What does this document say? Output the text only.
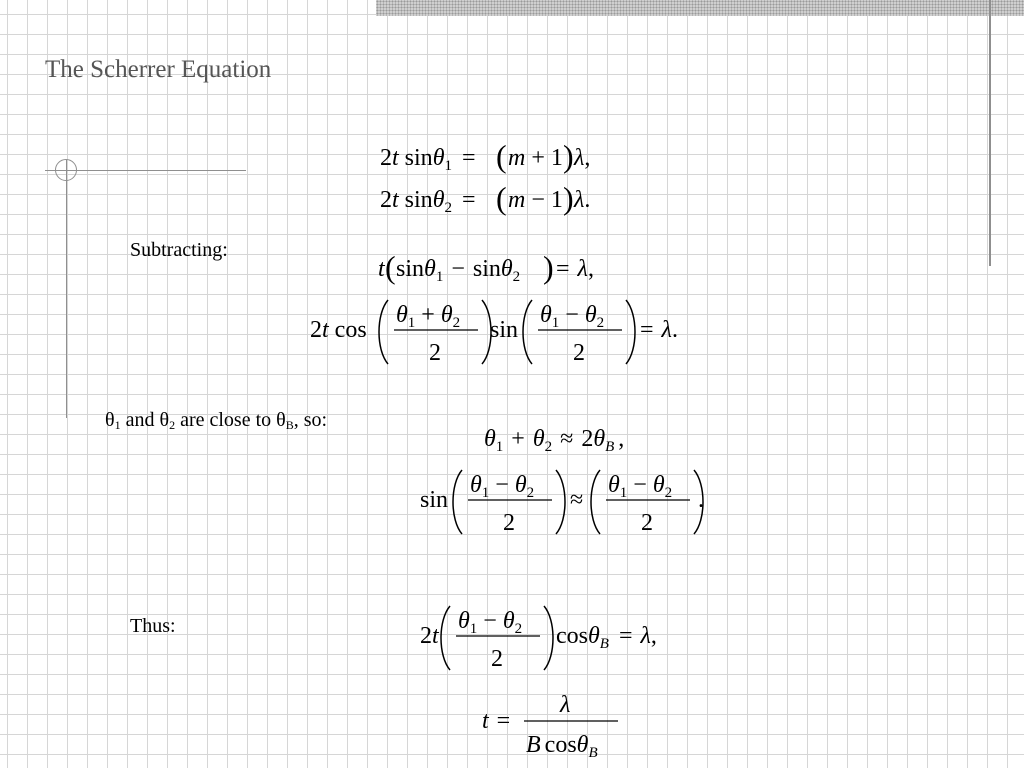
The Scherrer Equation
Subtracting:
$\theta_1$ and $\theta_2$ are close to $\theta_B$, so:
Thus:
2t sinθ$_1$ = ( m + 1 ) λ,
2t sinθ$_2$ = ( m − 1 ) λ.
t ( sinθ$_1$ − sinθ$_2$ ) = λ,
2t cos
$\theta_1 + \theta_2$
2
sin
$\theta_1 - \theta_2$
2
= λ.
$\theta_1 + \theta_2 \approx 2\theta_B$ ,
sin
$\theta_1 - \theta_2$
2
≈
$\theta_1 - \theta_2$
2
.
2t
$\theta_1 - \theta_2$
2
cosθ$_B$ = λ,
t =
λ
B cosθ$_B$
